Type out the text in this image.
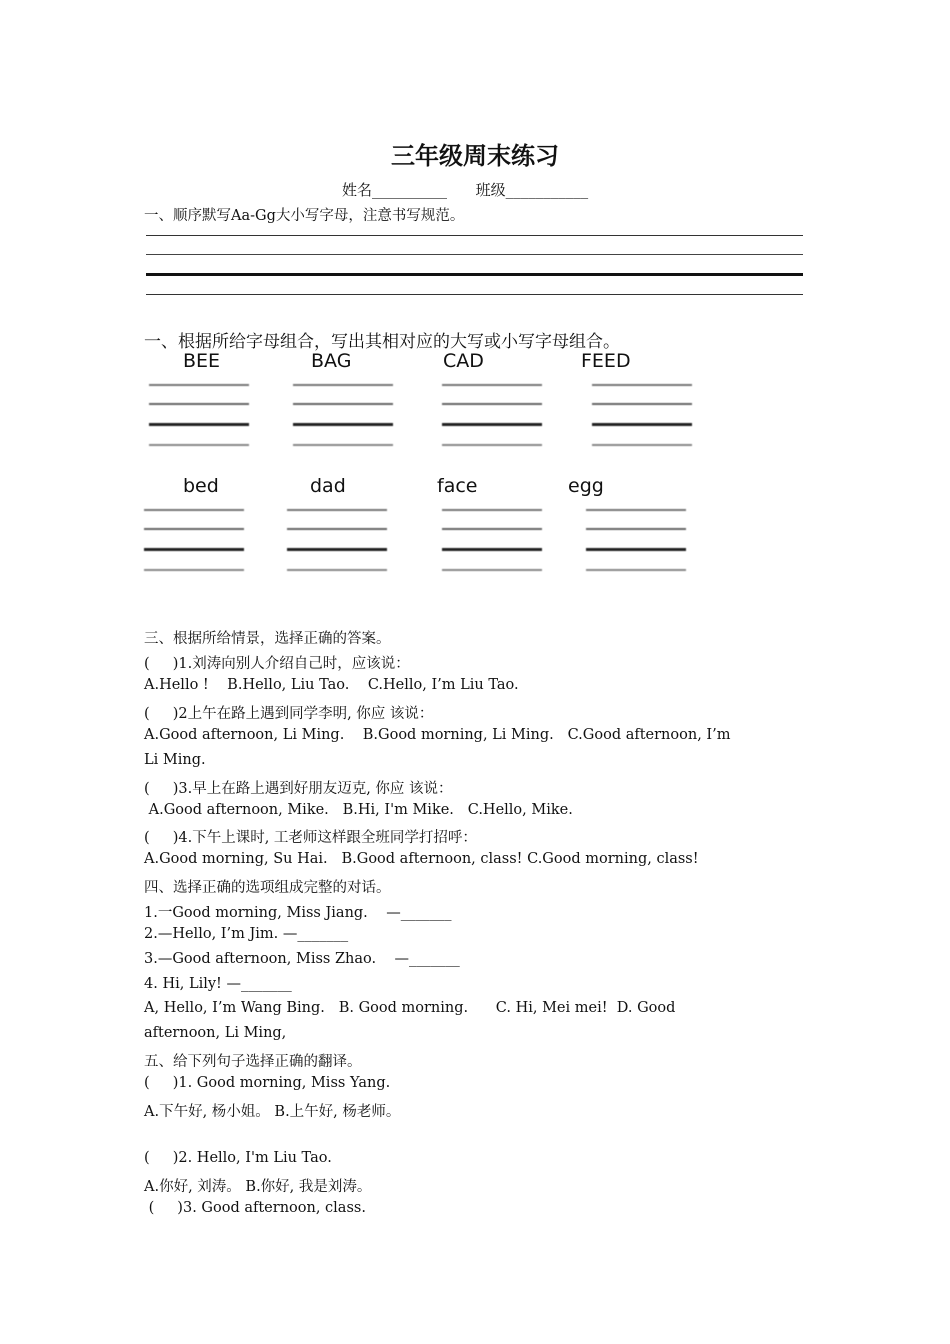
三年级周末练习
姓名__________      班级___________
一、顺序默写Aa-Gg大小写字母，注意书写规范。
一、根据所给字母组合，写出其相对应的大写或小写字母组合。
BEE	BAG	CAD	FEED
bed	dad	face	egg
三、根据所给情景，选择正确的答案。
(     )1.刘涛向别人介绍自己时，应该说：
A.Hello !    B.Hello, Liu Tao.    C.Hello, I’m Liu Tao.
(     )2上午在路上遇到同学李明, 你应 该说：
A.Good afternoon, Li Ming.    B.Good morning, Li Ming.   C.Good afternoon, I’m
Li Ming.
(     )3.早上在路上遇到好朋友迈克, 你应 该说：
A.Good afternoon, Mike.   B.Hi, I'm Mike.   C.Hello, Mike.
(     )4.下午上课时, 工老师这样跟全班同学打招呼：
A.Good morning, Su Hai.   B.Good afternoon, class! C.Good morning, class!
四、选择正确的选项组成完整的对话。
1.一Good morning, Miss Jiang.    —_______
2.—Hello, I’m Jim. —_______
3.—Good afternoon, Miss Zhao.    —_______
4. Hi, Lily! —_______
A, Hello, I’m Wang Bing.   B. Good morning.      C. Hi, Mei mei!  D. Good
afternoon, Li Ming,
五、给下列句子选择正确的翻译。
(     )1. Good morning, Miss Yang.
A.下午好, 杨小姐。 B.上午好, 杨老师。
(     )2. Hello, I'm Liu Tao.
A.你好, 刘涛。 B.你好, 我是刘涛。
(     )3. Good afternoon, class.
